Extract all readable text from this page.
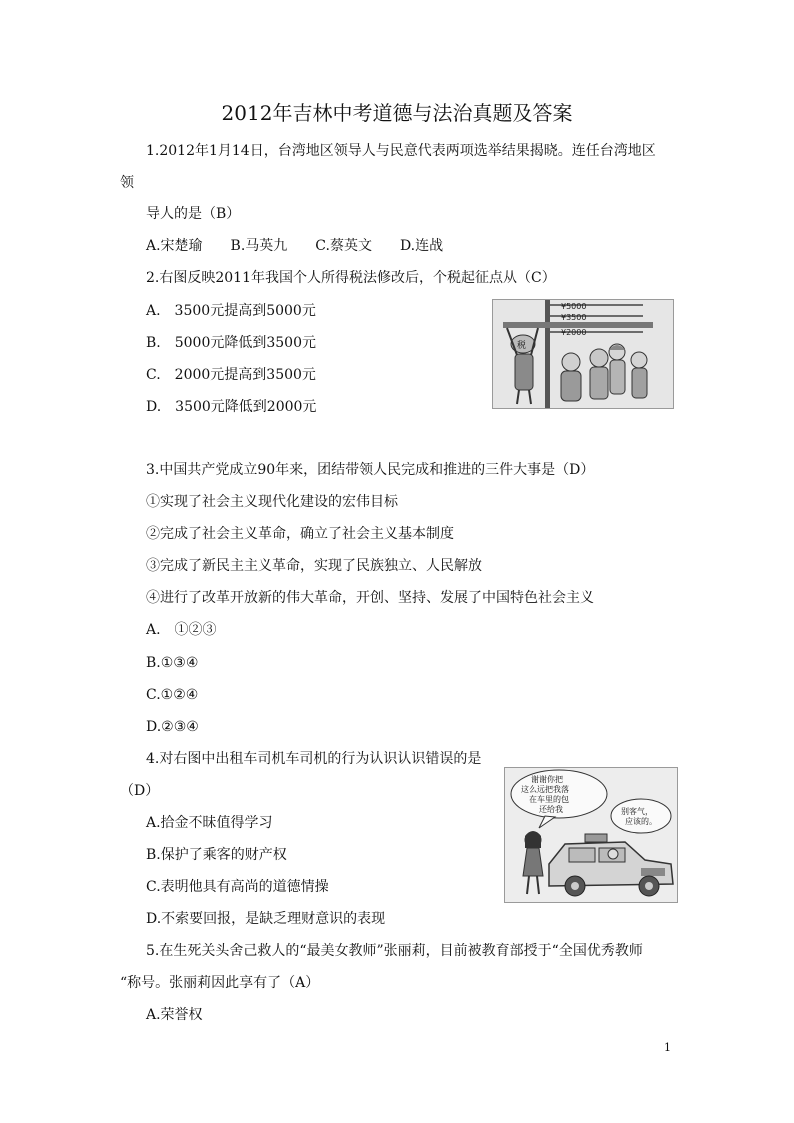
2012年吉林中考道德与法治真题及答案
1.2012年1月14日，台湾地区领导人与民意代表两项选举结果揭晓。连任台湾地区
领
导人的是（B）
A.宋楚瑜　　B.马英九　　C.蔡英文　　D.连战
2.右图反映2011年我国个人所得税法修改后，个税起征点从（C）
A.　3500元提高到5000元
B.　5000元降低到3500元
C.　2000元提高到3500元
D.　3500元降低到2000元
¥5000
¥3500
¥2000
税
3.中国共产党成立90年来，团结带领人民完成和推进的三件大事是（D）
①实现了社会主义现代化建设的宏伟目标
②完成了社会主义革命，确立了社会主义基本制度
③完成了新民主主义革命，实现了民族独立、人民解放
④进行了改革开放新的伟大革命，开创、坚持、发展了中国特色社会主义
A.　①②③
B.①③④
C.①②④
D.②③④
4.对右图中出租车司机车司机的行为认识认识错误的是
（D）
A.拾金不昧值得学习
B.保护了乘客的财产权
C.表明他具有高尚的道德情操
D.不索要回报，是缺乏理财意识的表现
谢谢你把
这么远把我落
在车里的包
还给我	别客气，
应该的。
5.在生死关头舍己救人的“最美女教师”张丽莉，目前被教育部授于“全国优秀教师
“称号。张丽莉因此享有了（A）
A.荣誉权
1
